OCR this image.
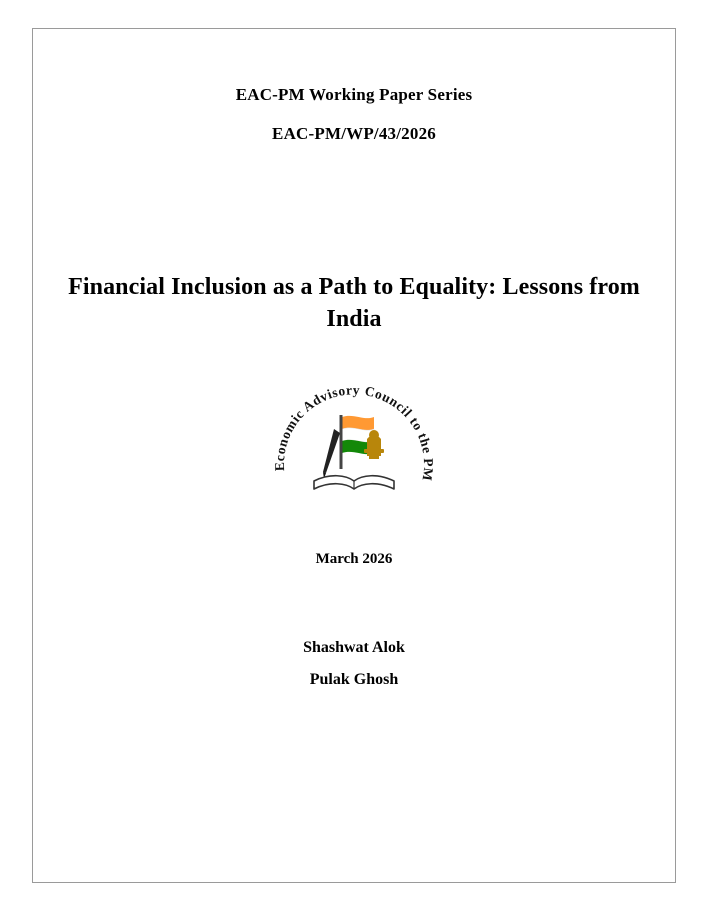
EAC-PM Working Paper Series
EAC-PM/WP/43/2026
Financial Inclusion as a Path to Equality: Lessons from India
Economic Advisory Council to the PM
March 2026
Shashwat Alok
Pulak Ghosh
